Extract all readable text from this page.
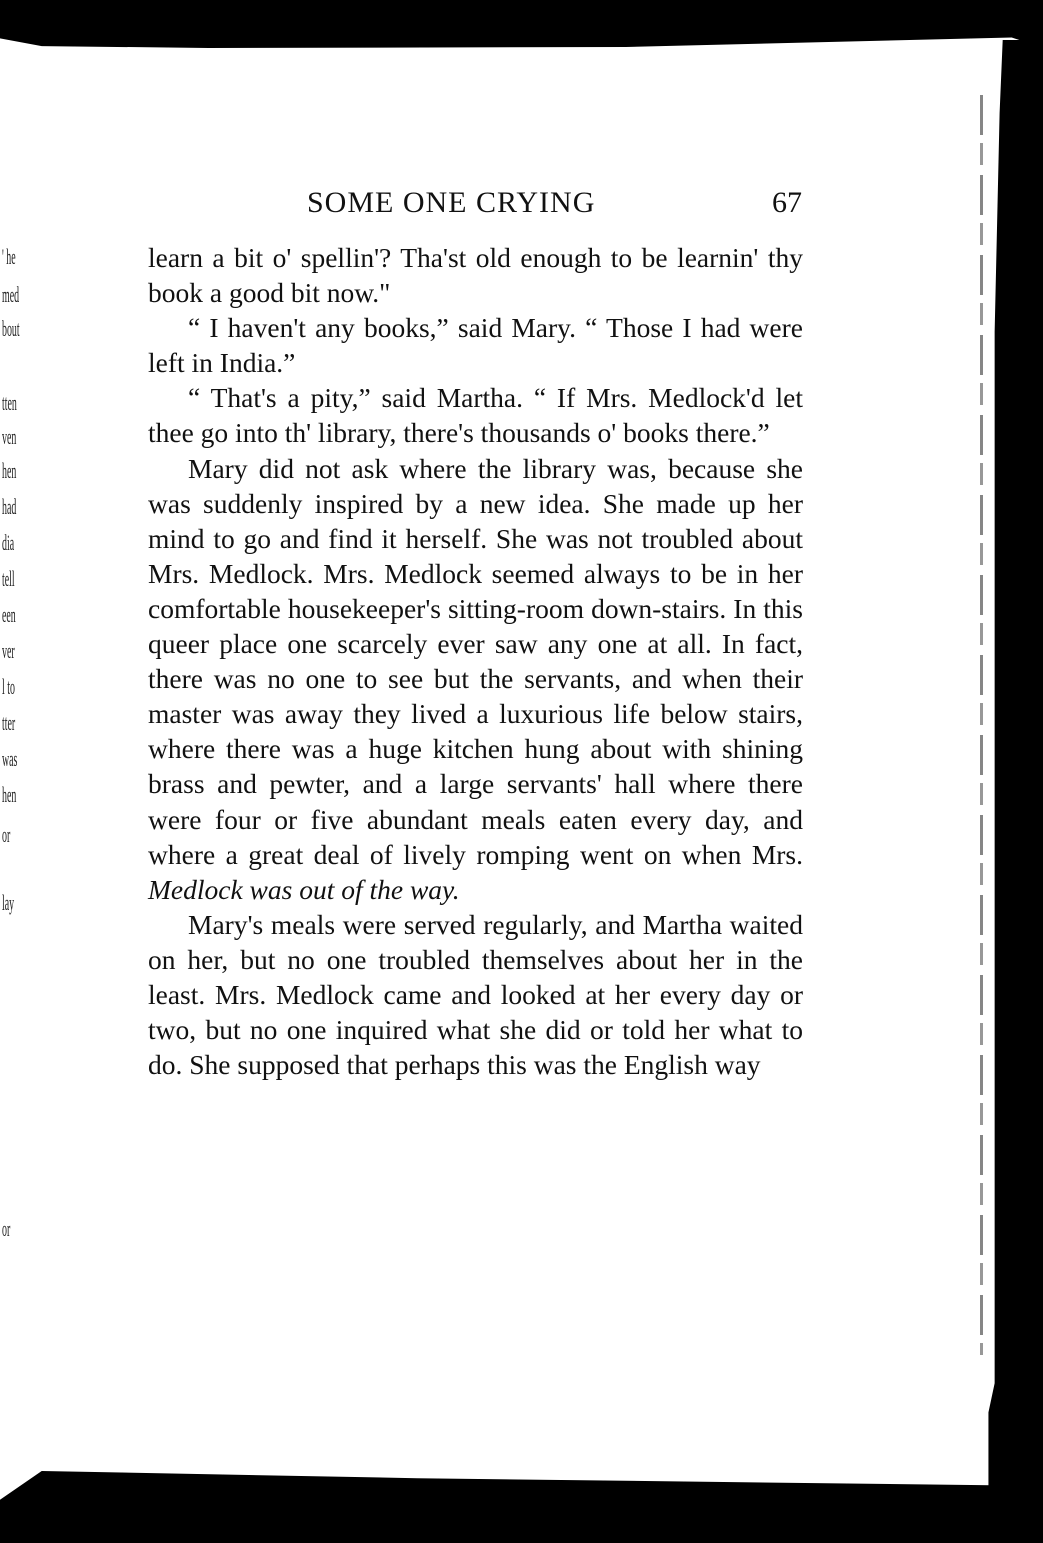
' he
med
bout
tten
ven
hen
had
dia
tell
een
ver
l to
tter
was
hen
or
lay
or
SOME ONE CRYING	67

learn a bit o' spellin'? Tha'st old enough to be learnin' thy book a good bit now."

“ I haven't any books,” said Mary. “ Those I had were left in India.”

“ That's a pity,” said Martha. “ If Mrs. Medlock'd let thee go into th' library, there's thousands o' books there.”

Mary did not ask where the library was, because she was suddenly inspired by a new idea. She made up her mind to go and find it herself. She was not troubled about Mrs. Medlock. Mrs. Medlock seemed always to be in her comfortable housekeeper's sitting-room down-stairs. In this queer place one scarcely ever saw any one at all. In fact, there was no one to see but the servants, and when their master was away they lived a luxurious life below stairs, where there was a huge kitchen hung about with shining brass and pewter, and a large servants' hall where there were four or five abundant meals eaten every day, and where a great deal of lively romping went on when Mrs. Medlock was out of the way.

Mary's meals were served regularly, and Martha waited on her, but no one troubled themselves about her in the least. Mrs. Medlock came and looked at her every day or two, but no one inquired what she did or told her what to do. She supposed that perhaps this was the English way
